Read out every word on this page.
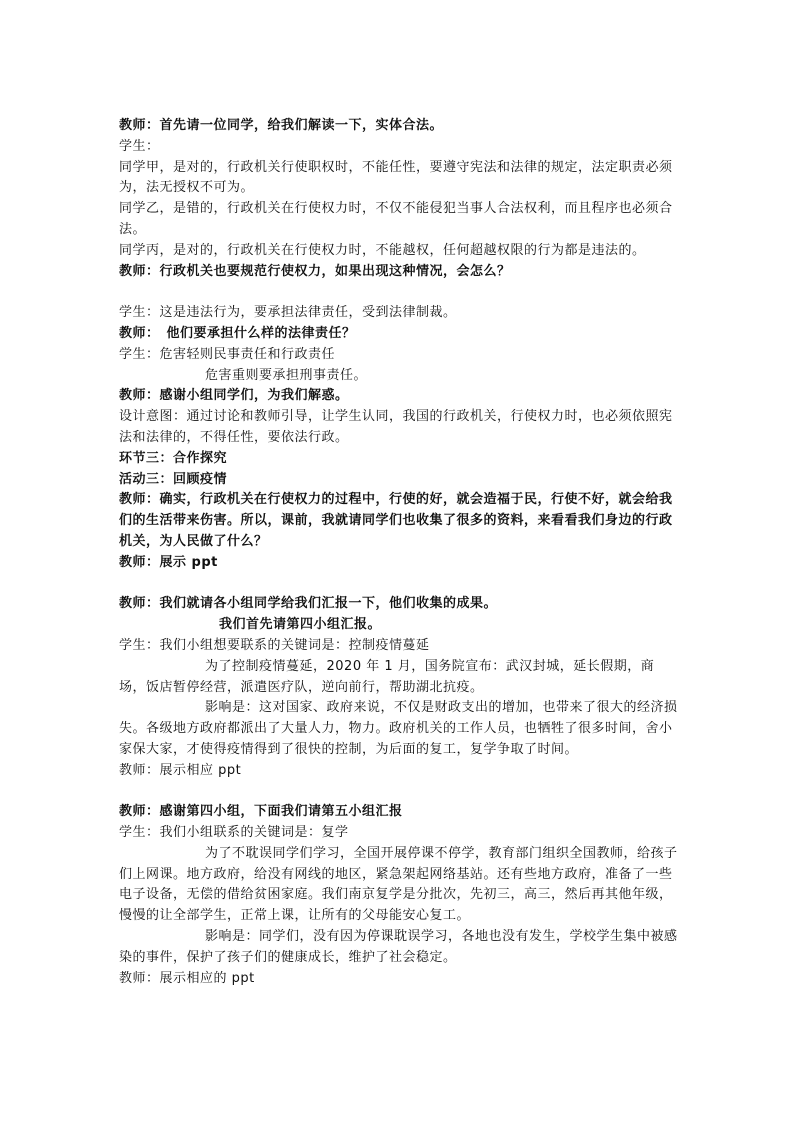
教师：首先请一位同学，给我们解读一下，实体合法。

学生：

同学甲，是对的，行政机关行使职权时，不能任性，要遵守宪法和法律的规定，法定职责必须为，法无授权不可为。

同学乙，是错的，行政机关在行使权力时，不仅不能侵犯当事人合法权利，而且程序也必须合法。

同学丙，是对的，行政机关在行使权力时，不能越权，任何超越权限的行为都是违法的。

教师：行政机关也要规范行使权力，如果出现这种情况，会怎么？

学生：这是违法行为，要承担法律责任，受到法律制裁。

教师：　他们要承担什么样的法律责任？

学生：危害轻则民事责任和行政责任

危害重则要承担刑事责任。

教师：感谢小组同学们，为我们解惑。

设计意图：通过讨论和教师引导，让学生认同，我国的行政机关，行使权力时，也必须依照宪法和法律的，不得任性，要依法行政。

环节三：合作探究

活动三：回顾疫情

教师：确实，行政机关在行使权力的过程中，行使的好，就会造福于民，行使不好，就会给我们的生活带来伤害。所以，课前，我就请同学们也收集了很多的资料，来看看我们身边的行政机关，为人民做了什么？

教师：展示 ppt

教师：我们就请各小组同学给我们汇报一下，他们收集的成果。

我们首先请第四小组汇报。

学生：我们小组想要联系的关键词是：控制疫情蔓延

为了控制疫情蔓延，2020 年 1 月，国务院宣布：武汉封城，延长假期，商场，饭店暂停经营，派遣医疗队，逆向前行，帮助湖北抗疫。

影响是：这对国家、政府来说，不仅是财政支出的增加，也带来了很大的经济损失。各级地方政府都派出了大量人力，物力。政府机关的工作人员，也牺牲了很多时间，舍小家保大家，才使得疫情得到了很快的控制，为后面的复工，复学争取了时间。

教师：展示相应 ppt

教师：感谢第四小组，下面我们请第五小组汇报

学生：我们小组联系的关键词是：复学

为了不耽误同学们学习，全国开展停课不停学，教育部门组织全国教师，给孩子们上网课。地方政府，给没有网线的地区，紧急架起网络基站。还有些地方政府，准备了一些电子设备，无偿的借给贫困家庭。我们南京复学是分批次，先初三，高三，然后再其他年级，慢慢的让全部学生，正常上课，让所有的父母能安心复工。

影响是：同学们，没有因为停课耽误学习，各地也没有发生，学校学生集中被感染的事件，保护了孩子们的健康成长，维护了社会稳定。

教师：展示相应的 ppt
